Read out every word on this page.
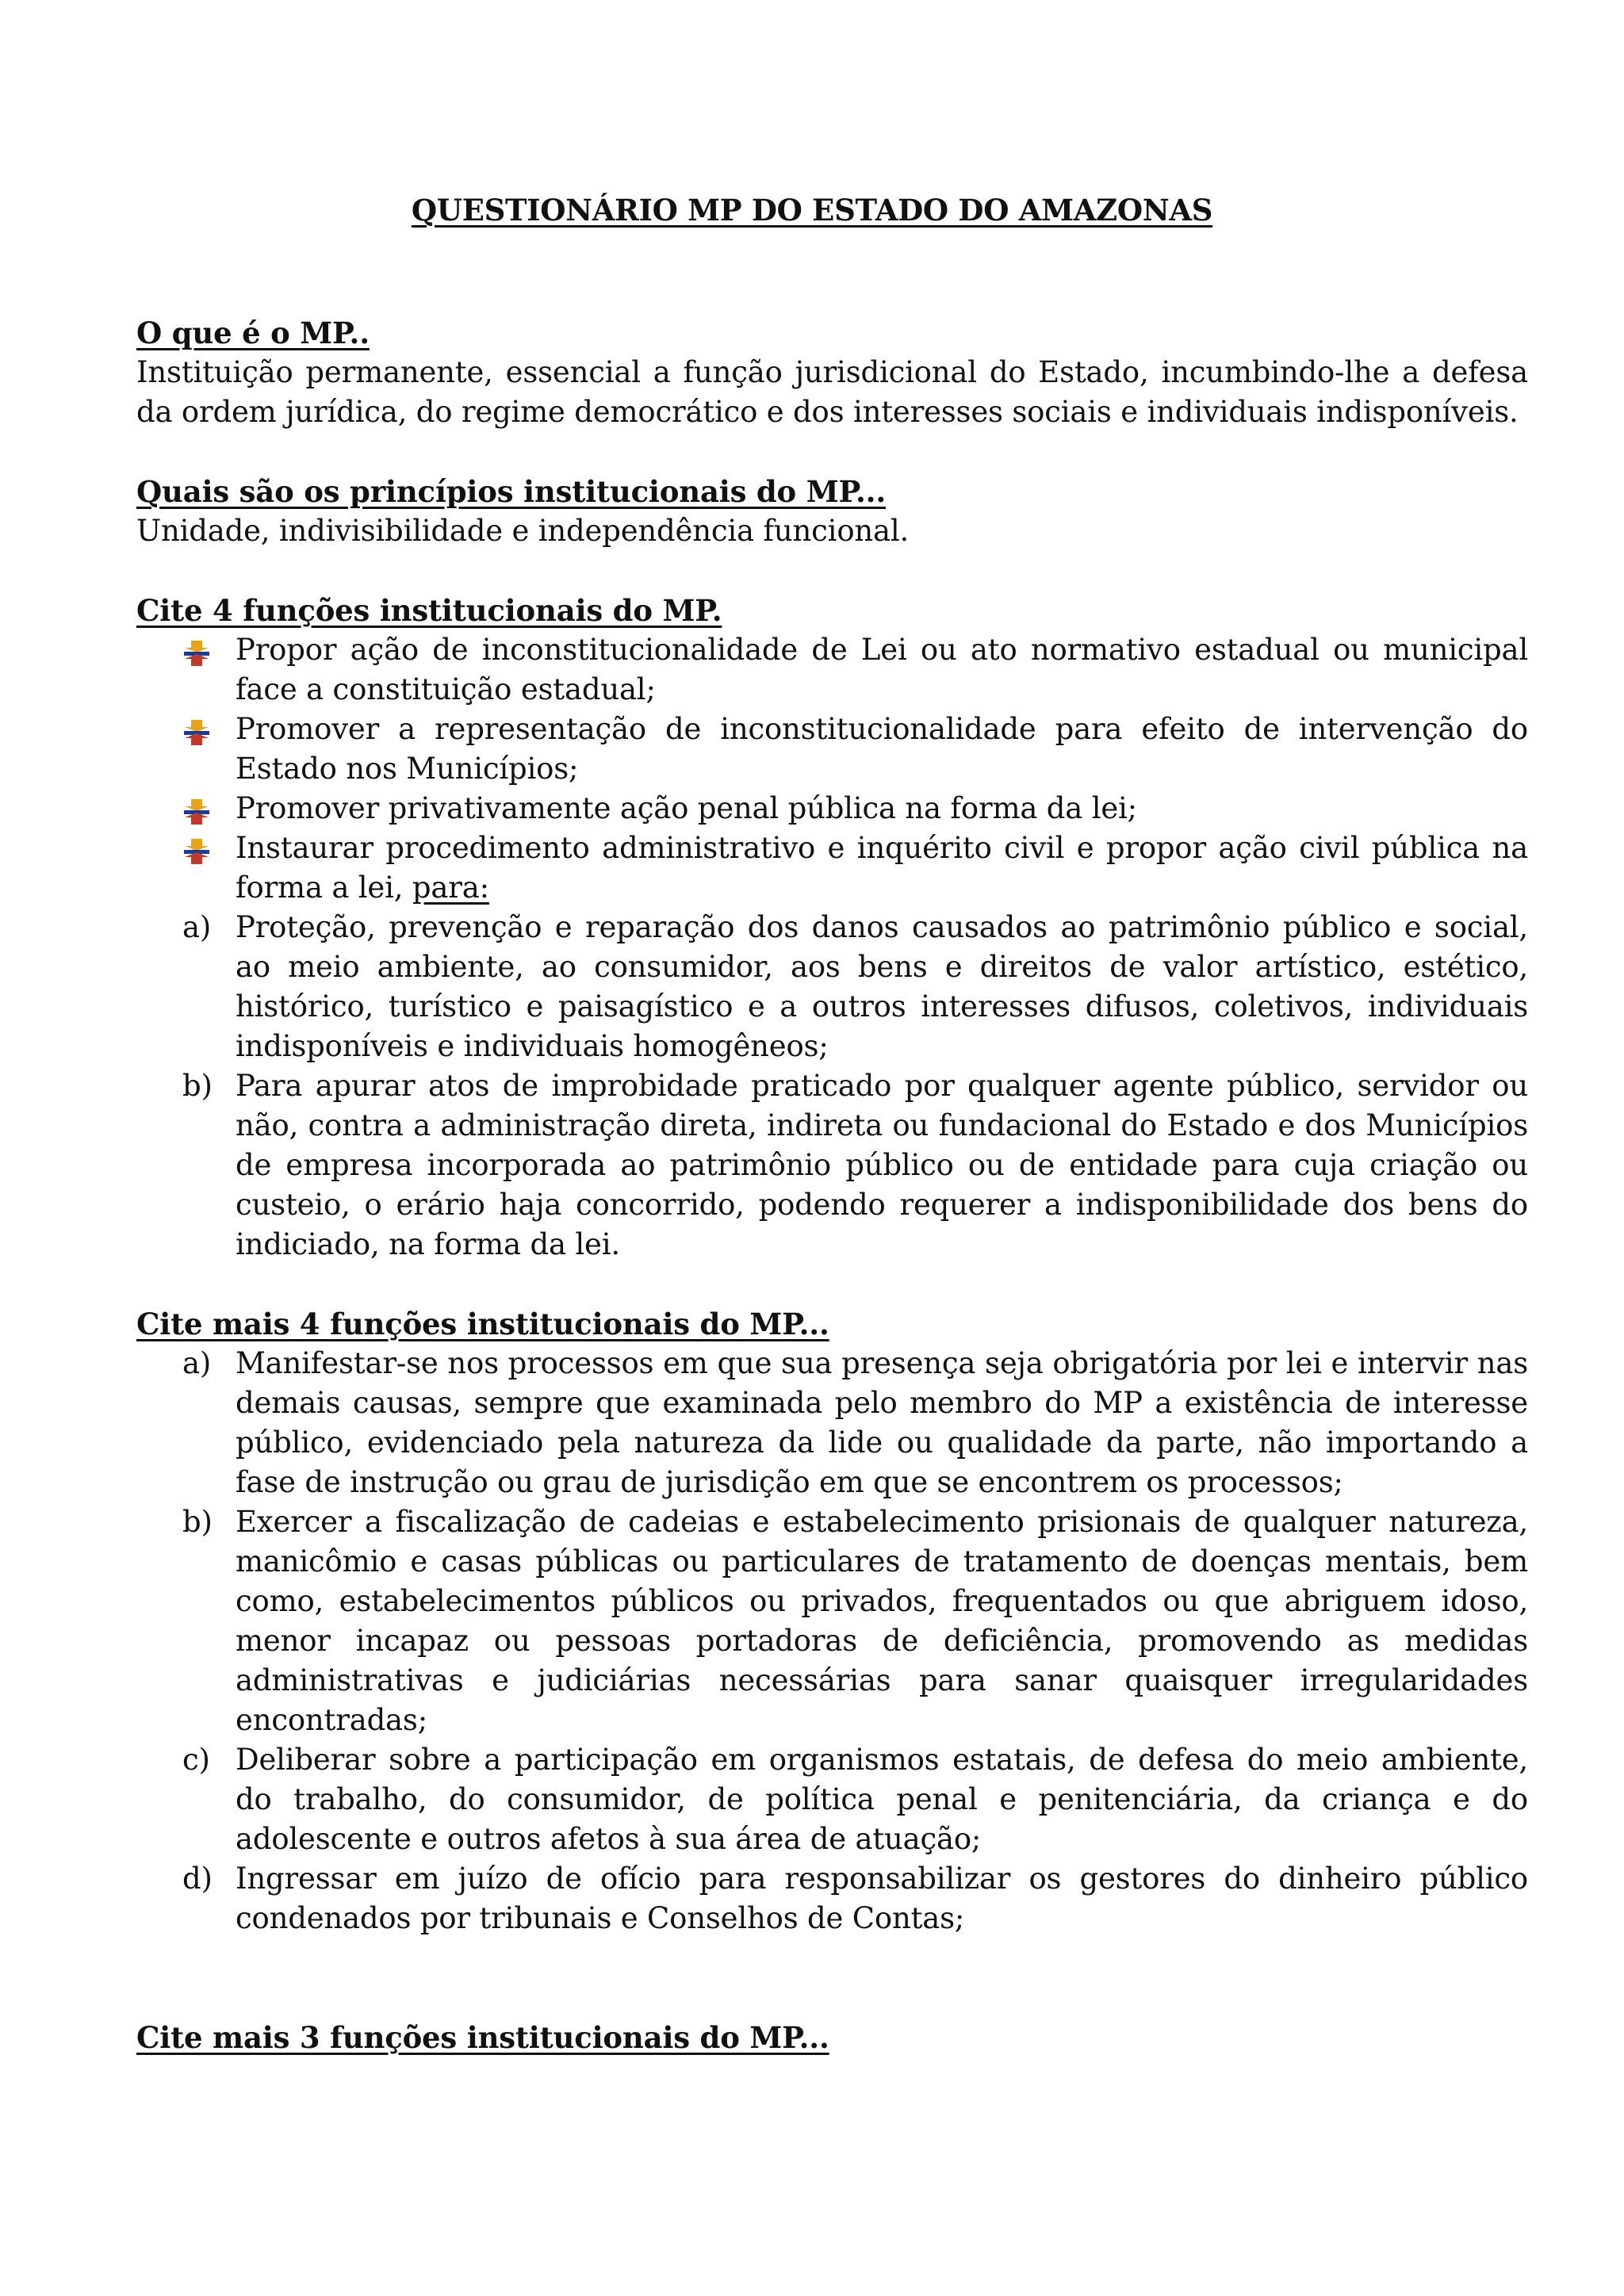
QUESTIONÁRIO MP DO ESTADO DO AMAZONAS
O que é o MP..

Instituição permanente, essencial a função jurisdicional do Estado, incumbindo-lhe a defesa da ordem jurídica, do regime democrático e dos interesses sociais e individuais indisponíveis.

Quais são os princípios institucionais do MP...

Unidade, indivisibilidade e independência funcional.

Cite 4 funções institucionais do MP.
Propor ação de inconstitucionalidade de Lei ou ato normativo estadual ou municipal face a constituição estadual;
Promover a representação de inconstitucionalidade para efeito de intervenção do Estado nos Municípios;
Promover privativamente ação penal pública na forma da lei;
Instaurar procedimento administrativo e inquérito civil e propor ação civil pública na forma a lei, para:
a) Proteção, prevenção e reparação dos danos causados ao patrimônio público e social, ao meio ambiente, ao consumidor, aos bens e direitos de valor artístico, estético, histórico, turístico e paisagístico e a outros interesses difusos, coletivos, individuais indisponíveis e individuais homogêneos;
b) Para apurar atos de improbidade praticado por qualquer agente público, servidor ou não, contra a administração direta, indireta ou fundacional do Estado e dos Municípios de empresa incorporada ao patrimônio público ou de entidade para cuja criação ou custeio, o erário haja concorrido, podendo requerer a indisponibilidade dos bens do indiciado, na forma da lei.
Cite mais 4 funções institucionais do MP...
a) Manifestar-se nos processos em que sua presença seja obrigatória por lei e intervir nas demais causas, sempre que examinada pelo membro do MP a existência de interesse público, evidenciado pela natureza da lide ou qualidade da parte, não importando a fase de instrução ou grau de jurisdição em que se encontrem os processos;
b) Exercer a fiscalização de cadeias e estabelecimento prisionais de qualquer natureza, manicômio e casas públicas ou particulares de tratamento de doenças mentais, bem como, estabelecimentos públicos ou privados, frequentados ou que abriguem idoso, menor incapaz ou pessoas portadoras de deficiência, promovendo as medidas administrativas e judiciárias necessárias para sanar quaisquer irregularidades encontradas;
c) Deliberar sobre a participação em organismos estatais, de defesa do meio ambiente, do trabalho, do consumidor, de política penal e penitenciária, da criança e do adolescente e outros afetos à sua área de atuação;
d) Ingressar em juízo de ofício para responsabilizar os gestores do dinheiro público condenados por tribunais e Conselhos de Contas;
Cite mais 3 funções institucionais do MP...
